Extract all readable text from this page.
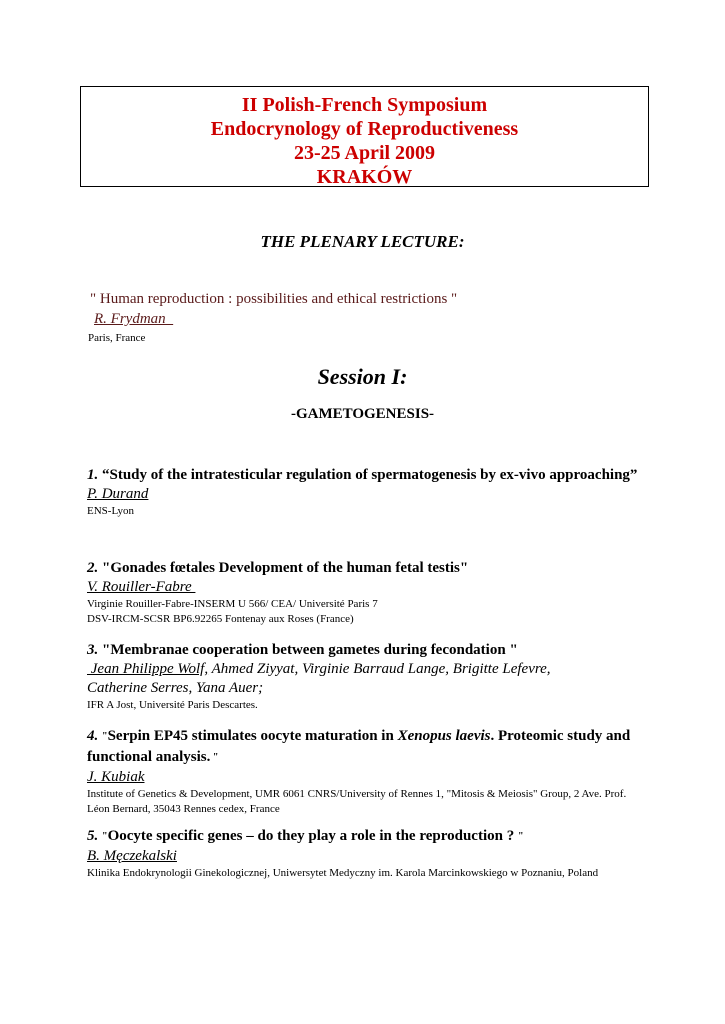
II Polish-French Symposium
Endocrynology of Reproductiveness
23-25 April 2009
KRAKÓW
THE PLENARY LECTURE:
" Human reproduction : possibilities and ethical restrictions "
R. Frydman
Paris, France
Session I:
-GAMETOGENESIS-
1. “Study of the intratesticular regulation of spermatogenesis by ex-vivo approaching”
P. Durand
ENS-Lyon
2. "Gonades fœtales Development of the human fetal testis"
V. Rouiller-Fabre
Virginie Rouiller-Fabre-INSERM U 566/ CEA/ Université Paris 7
DSV-IRCM-SCSR BP6.92265 Fontenay aux Roses (France)
3. "Membranae cooperation between gametes during fecondation "
Jean Philippe Wolf, Ahmed Ziyyat, Virginie Barraud Lange, Brigitte Lefevre,
Catherine Serres, Yana Auer;
IFR A Jost, Université Paris Descartes.
4. "Serpin EP45 stimulates oocyte maturation in Xenopus laevis. Proteomic study and functional analysis. "
J. Kubiak
Institute of Genetics & Development, UMR 6061 CNRS/University of Rennes 1, "Mitosis & Meiosis" Group, 2 Ave. Prof. Léon Bernard, 35043 Rennes cedex, France
5. "Oocyte specific genes – do they play a role in the reproduction ? "
B. Męczekalski
Klinika Endokrynologii Ginekologicznej, Uniwersytet Medyczny im. Karola Marcinkowskiego w Poznaniu, Poland
